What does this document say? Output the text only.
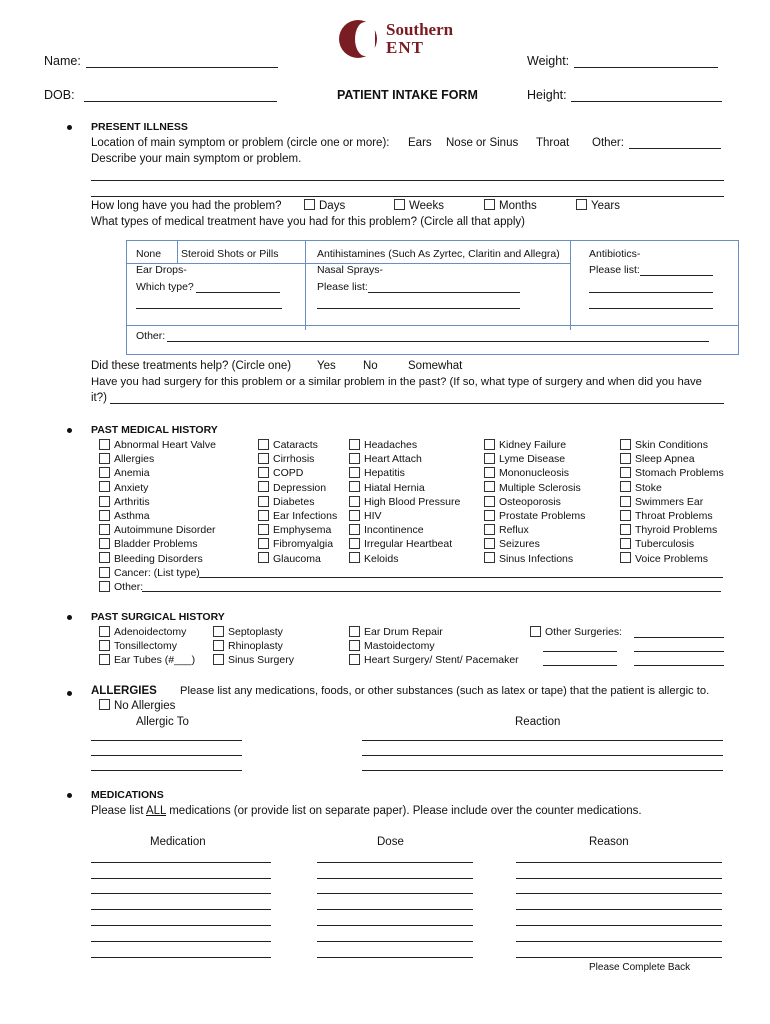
Southern
ENT
Name:	Weight:
DOB:	PATIENT INTAKE FORM	Height:
PRESENT ILLNESS
Location of main symptom or problem (circle one or more): Ears Nose or Sinus Throat Other:
Describe your main symptom or problem.
How long have you had the problem?	Days	Weeks	Months	Years
What types of medical treatment have you had for this problem? (Circle all that apply)
None Steroid Shots or Pills	Antihistamines (Such As Zyrtec, Claritin and Allegra)	Antibiotics-
Ear Drops-	Nasal Sprays-	Please list:
Which type?	Please list:
Other:
Did these treatments help? (Circle one) Yes No	Somewhat
Have you had surgery for this problem or a similar problem in the past? (If so, what type of surgery and when did you have
it?)
PAST MEDICAL HISTORY
Abnormal Heart Valve
Allergies
Anemia
Anxiety
Arthritis
Asthma
Autoimmune Disorder
Bladder Problems
Bleeding Disorders
Cataracts
Cirrhosis
COPD
Depression
Diabetes
Ear Infections
Emphysema
Fibromyalgia
Glaucoma
Headaches
Heart Attach
Hepatitis
Hiatal Hernia
High Blood Pressure
HIV
Incontinence
Irregular Heartbeat
Keloids
Kidney Failure
Lyme Disease
Mononucleosis
Multiple Sclerosis
Osteoporosis
Prostate Problems
Reflux
Seizures
Sinus Infections
Skin Conditions
Sleep Apnea
Stomach Problems
Stoke
Swimmers Ear
Throat Problems
Thyroid Problems
Tuberculosis
Voice Problems
Cancer: (List type)
Other:
PAST SURGICAL HISTORY
Adenoidectomy
Tonsillectomy
Ear Tubes (#___)
Septoplasty
Rhinoplasty
Sinus Surgery
Ear Drum Repair
Mastoidectomy
Heart Surgery/ Stent/ Pacemaker
Other Surgeries:
ALLERGIES Please list any medications, foods, or other substances (such as latex or tape) that the patient is allergic to.
No Allergies
Allergic To	Reaction
MEDICATIONS
Please list ALL medications (or provide list on separate paper). Please include over the counter medications.
Medication	Dose	Reason
Please Complete Back
